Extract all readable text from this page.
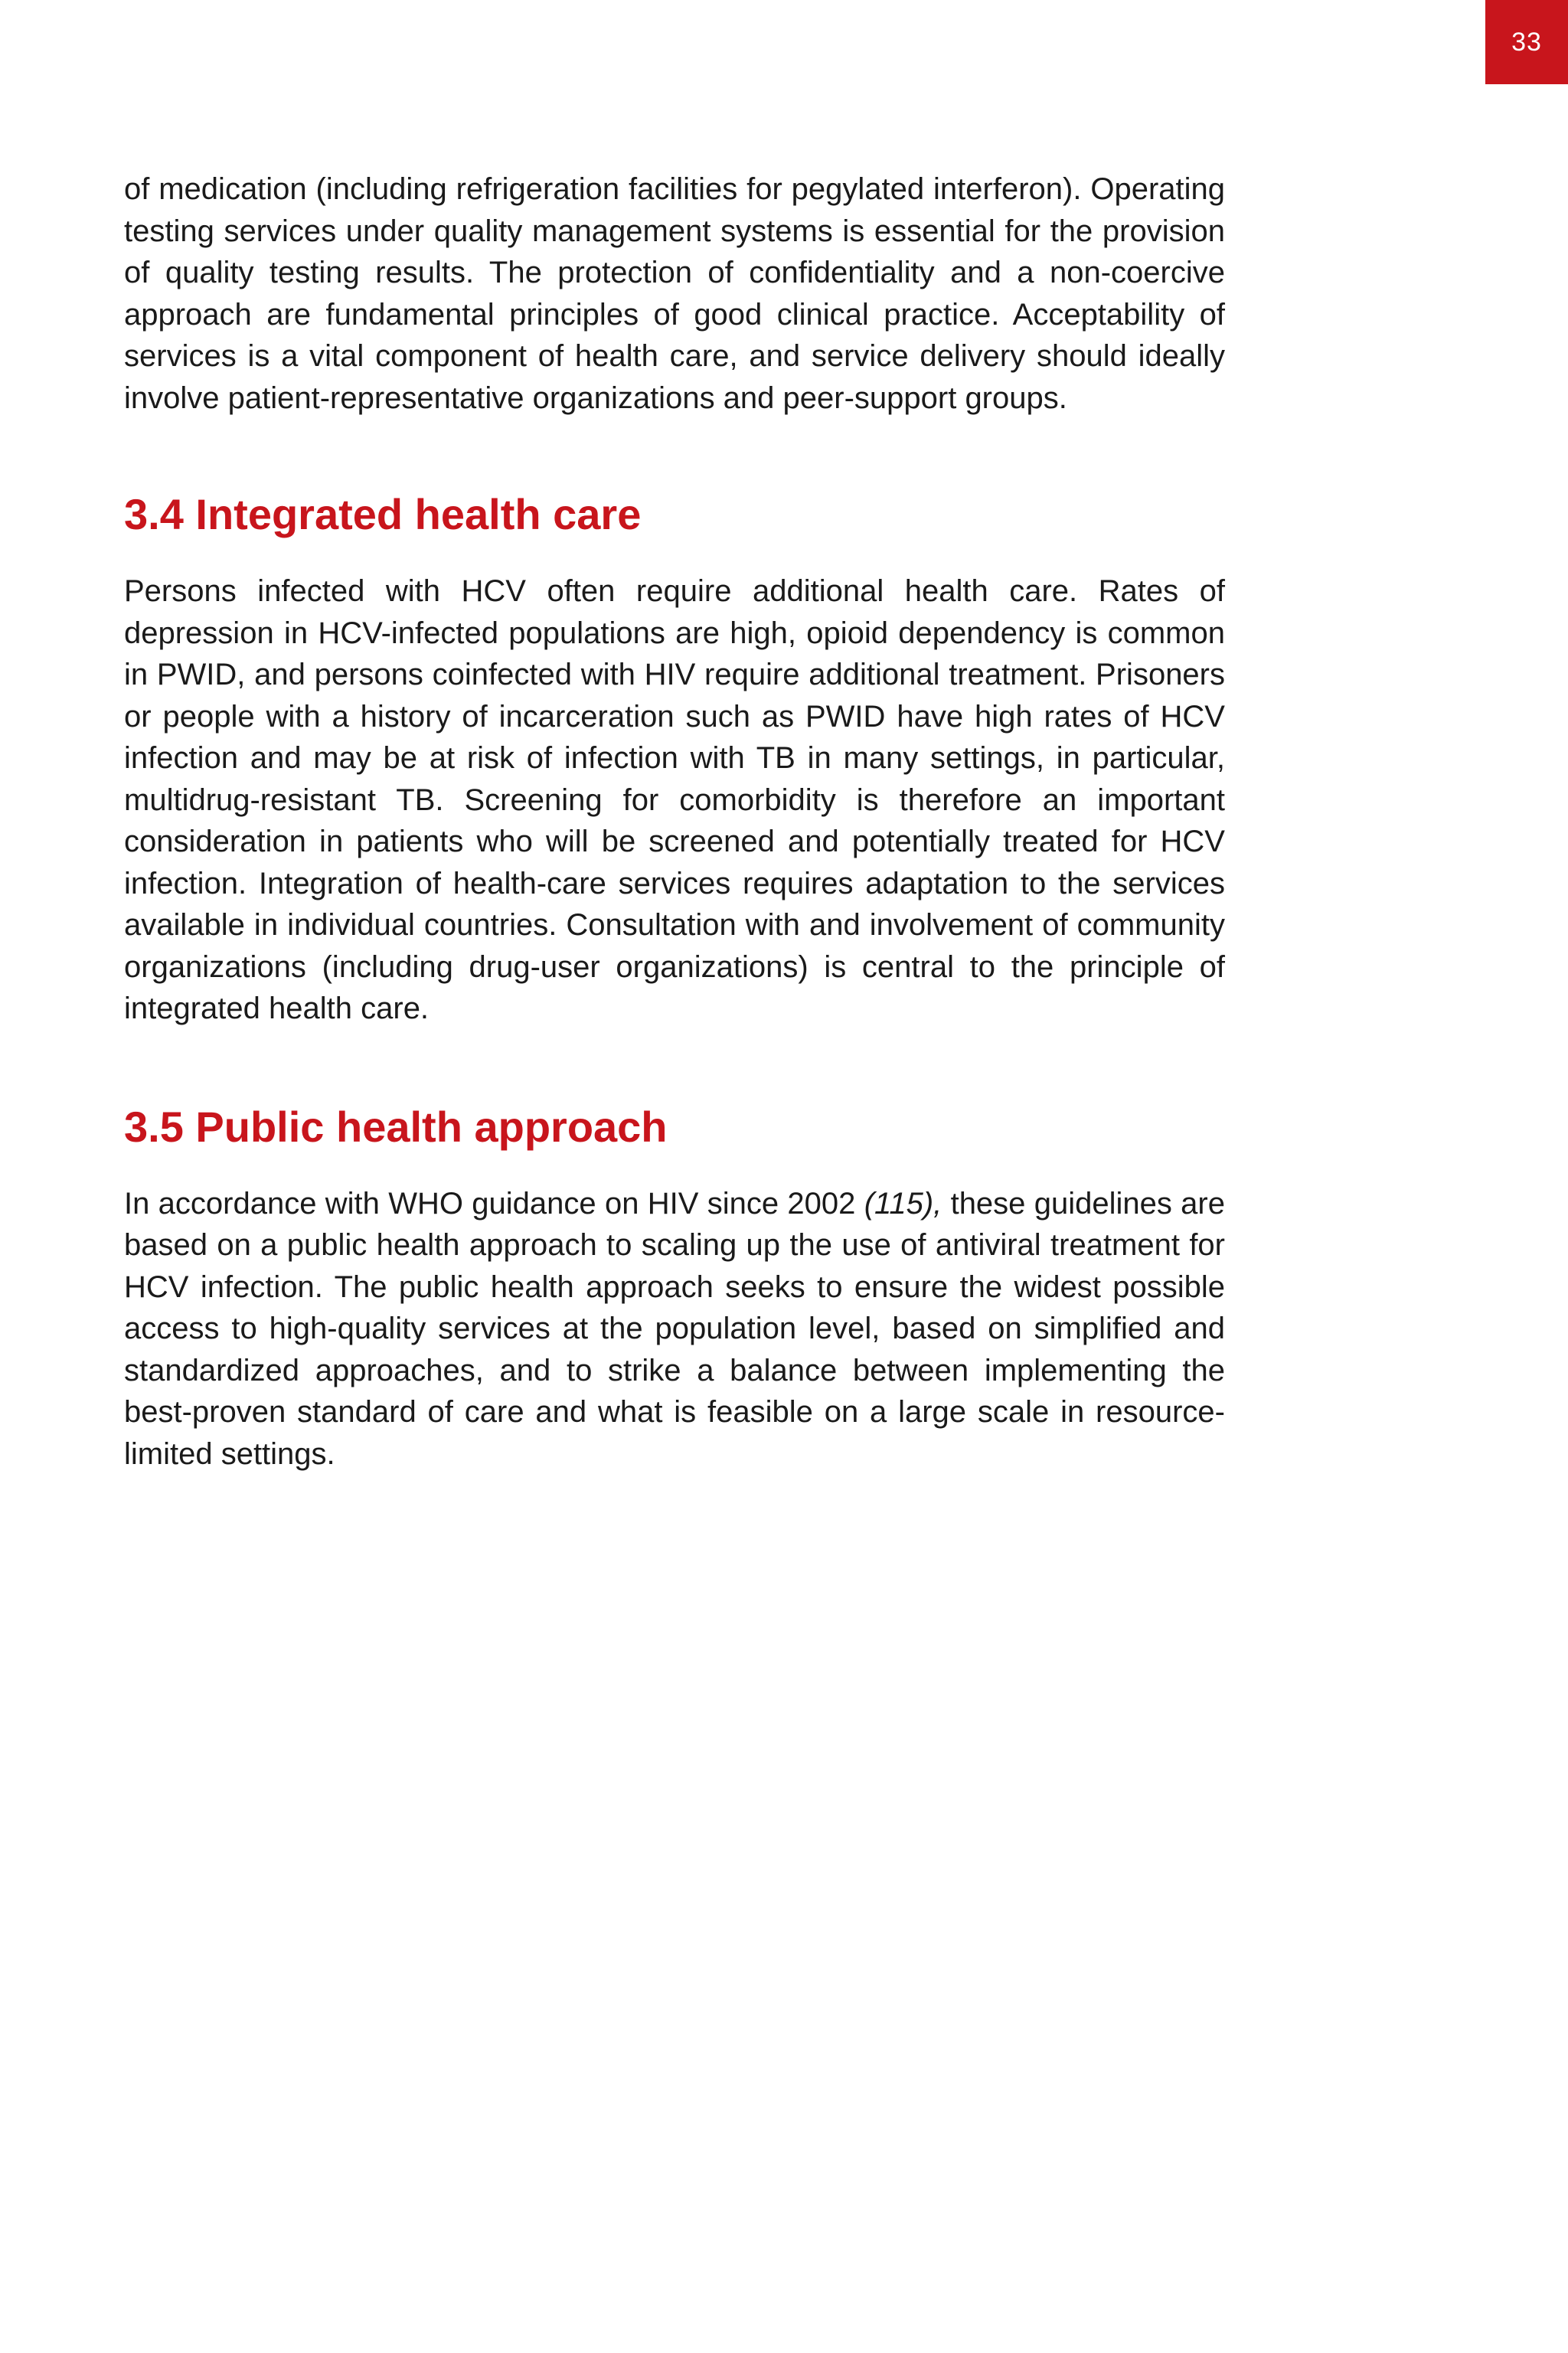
33

of medication (including refrigeration facilities for pegylated interferon). Operating testing services under quality management systems is essential for the provision of quality testing results. The protection of confidentiality and a non-coercive approach are fundamental principles of good clinical practice. Acceptability of services is a vital component of health care, and service delivery should ideally involve patient-representative organizations and peer-support groups.

3.4 Integrated health care

Persons infected with HCV often require additional health care. Rates of depression in HCV-infected populations are high, opioid dependency is common in PWID, and persons coinfected with HIV require additional treatment. Prisoners or people with a history of incarceration such as PWID have high rates of HCV infection and may be at risk of infection with TB in many settings, in particular, multidrug-resistant TB. Screening for comorbidity is therefore an important consideration in patients who will be screened and potentially treated for HCV infection. Integration of health-care services requires adaptation to the services available in individual countries. Consultation with and involvement of community organizations (including drug-user organizations) is central to the principle of integrated health care.

3.5 Public health approach

In accordance with WHO guidance on HIV since 2002 (115), these guidelines are based on a public health approach to scaling up the use of antiviral treatment for HCV infection. The public health approach seeks to ensure the widest possible access to high-quality services at the population level, based on simplified and standardized approaches, and to strike a balance between implementing the best-proven standard of care and what is feasible on a large scale in resource-limited settings.
